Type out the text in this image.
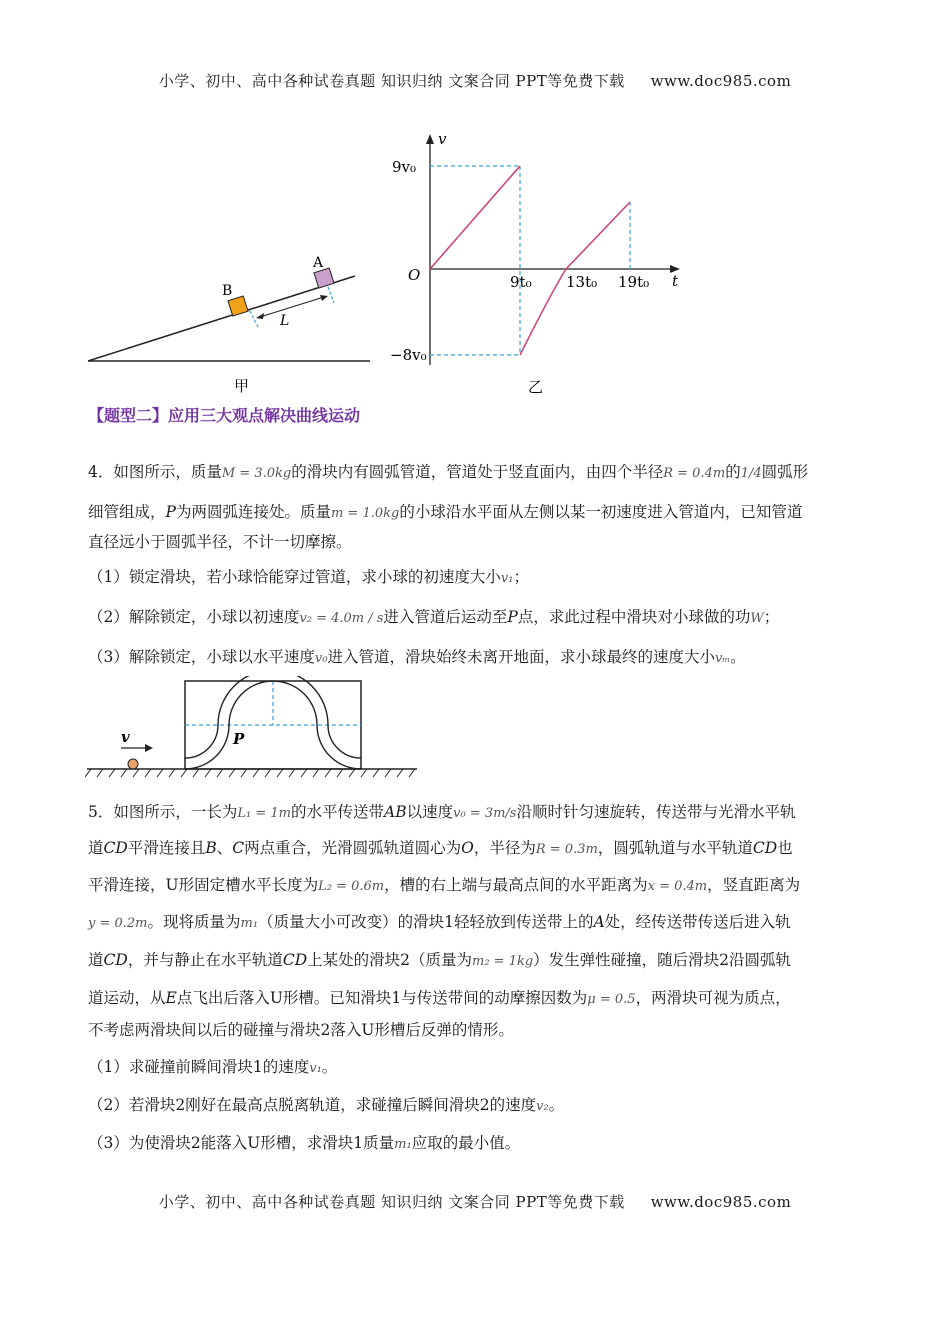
小学、初中、高中各种试卷真题 知识归纳 文案合同 PPT等免费下载 www.doc985.com
B
A
L
甲
v
t
O
9v₀
−8v₀
9t₀ 13t₀ 19t₀
乙
【题型二】应用三大观点解决曲线运动
4．如图所示，质量M = 3.0kg的滑块内有圆弧管道，管道处于竖直面内，由四个半径R = 0.4m的1/4圆弧形
细管组成，P为两圆弧连接处。质量m = 1.0kg的小球沿水平面从左侧以某一初速度进入管道内，已知管道
直径远小于圆弧半径，不计一切摩擦。
（1）锁定滑块，若小球恰能穿过管道，求小球的初速度大小v₁；
（2）解除锁定，小球以初速度v₂ = 4.0m / s进入管道后运动至P点，求此过程中滑块对小球做的功W；
（3）解除锁定，小球以水平速度v₀进入管道，滑块始终未离开地面，求小球最终的速度大小vₘ。
v	P
5．如图所示，一长为L₁ = 1m的水平传送带AB以速度v₀ = 3m/s沿顺时针匀速旋转，传送带与光滑水平轨
道CD平滑连接且B、C两点重合，光滑圆弧轨道圆心为O，半径为R = 0.3m，圆弧轨道与水平轨道CD也
平滑连接，U形固定槽水平长度为L₂ = 0.6m，槽的右上端与最高点间的水平距离为x = 0.4m，竖直距离为
y = 0.2m。现将质量为m₁（质量大小可改变）的滑块1轻轻放到传送带上的A处，经传送带传送后进入轨
道CD，并与静止在水平轨道CD上某处的滑块2（质量为m₂ = 1kg）发生弹性碰撞，随后滑块2沿圆弧轨
道运动，从E点飞出后落入U形槽。已知滑块1与传送带间的动摩擦因数为μ = 0.5，两滑块可视为质点，
不考虑两滑块间以后的碰撞与滑块2落入U形槽后反弹的情形。
（1）求碰撞前瞬间滑块1的速度v₁。
（2）若滑块2刚好在最高点脱离轨道，求碰撞后瞬间滑块2的速度v₂。
（3）为使滑块2能落入U形槽，求滑块1质量m₁应取的最小值。
小学、初中、高中各种试卷真题 知识归纳 文案合同 PPT等免费下载 www.doc985.com
